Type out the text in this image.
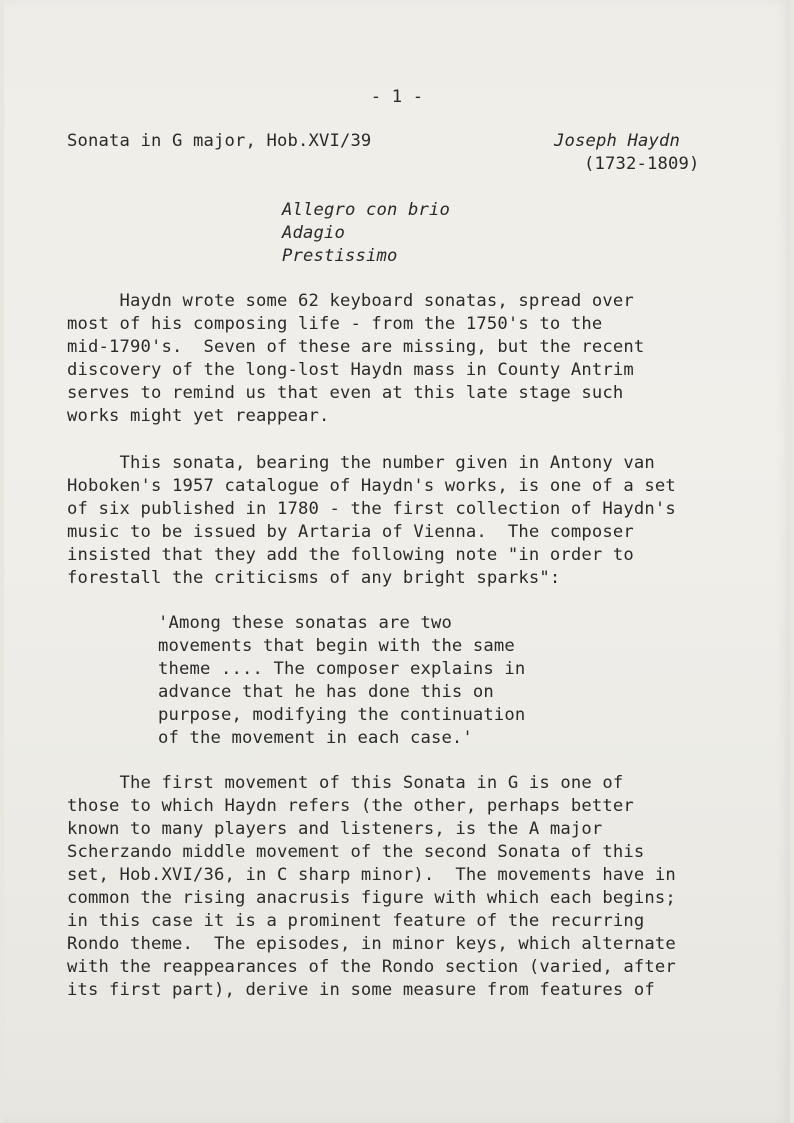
- 1 -
Sonata in G major, Hob.XVI/39	Joseph Haydn
(1732-1809)
Allegro con brio
Adagio
Prestissimo
Haydn wrote some 62 keyboard sonatas, spread over
most of his composing life - from the 1750's to the
mid-1790's.  Seven of these are missing, but the recent
discovery of the long-lost Haydn mass in County Antrim
serves to remind us that even at this late stage such
works might yet reappear.
This sonata, bearing the number given in Antony van
Hoboken's 1957 catalogue of Haydn's works, is one of a set
of six published in 1780 - the first collection of Haydn's
music to be issued by Artaria of Vienna.  The composer
insisted that they add the following note "in order to
forestall the criticisms of any bright sparks":
'Among these sonatas are two
movements that begin with the same
theme .... The composer explains in
advance that he has done this on
purpose, modifying the continuation
of the movement in each case.'
The first movement of this Sonata in G is one of
those to which Haydn refers (the other, perhaps better
known to many players and listeners, is the A major
Scherzando middle movement of the second Sonata of this
set, Hob.XVI/36, in C sharp minor).  The movements have in
common the rising anacrusis figure with which each begins;
in this case it is a prominent feature of the recurring
Rondo theme.  The episodes, in minor keys, which alternate
with the reappearances of the Rondo section (varied, after
its first part), derive in some measure from features of
